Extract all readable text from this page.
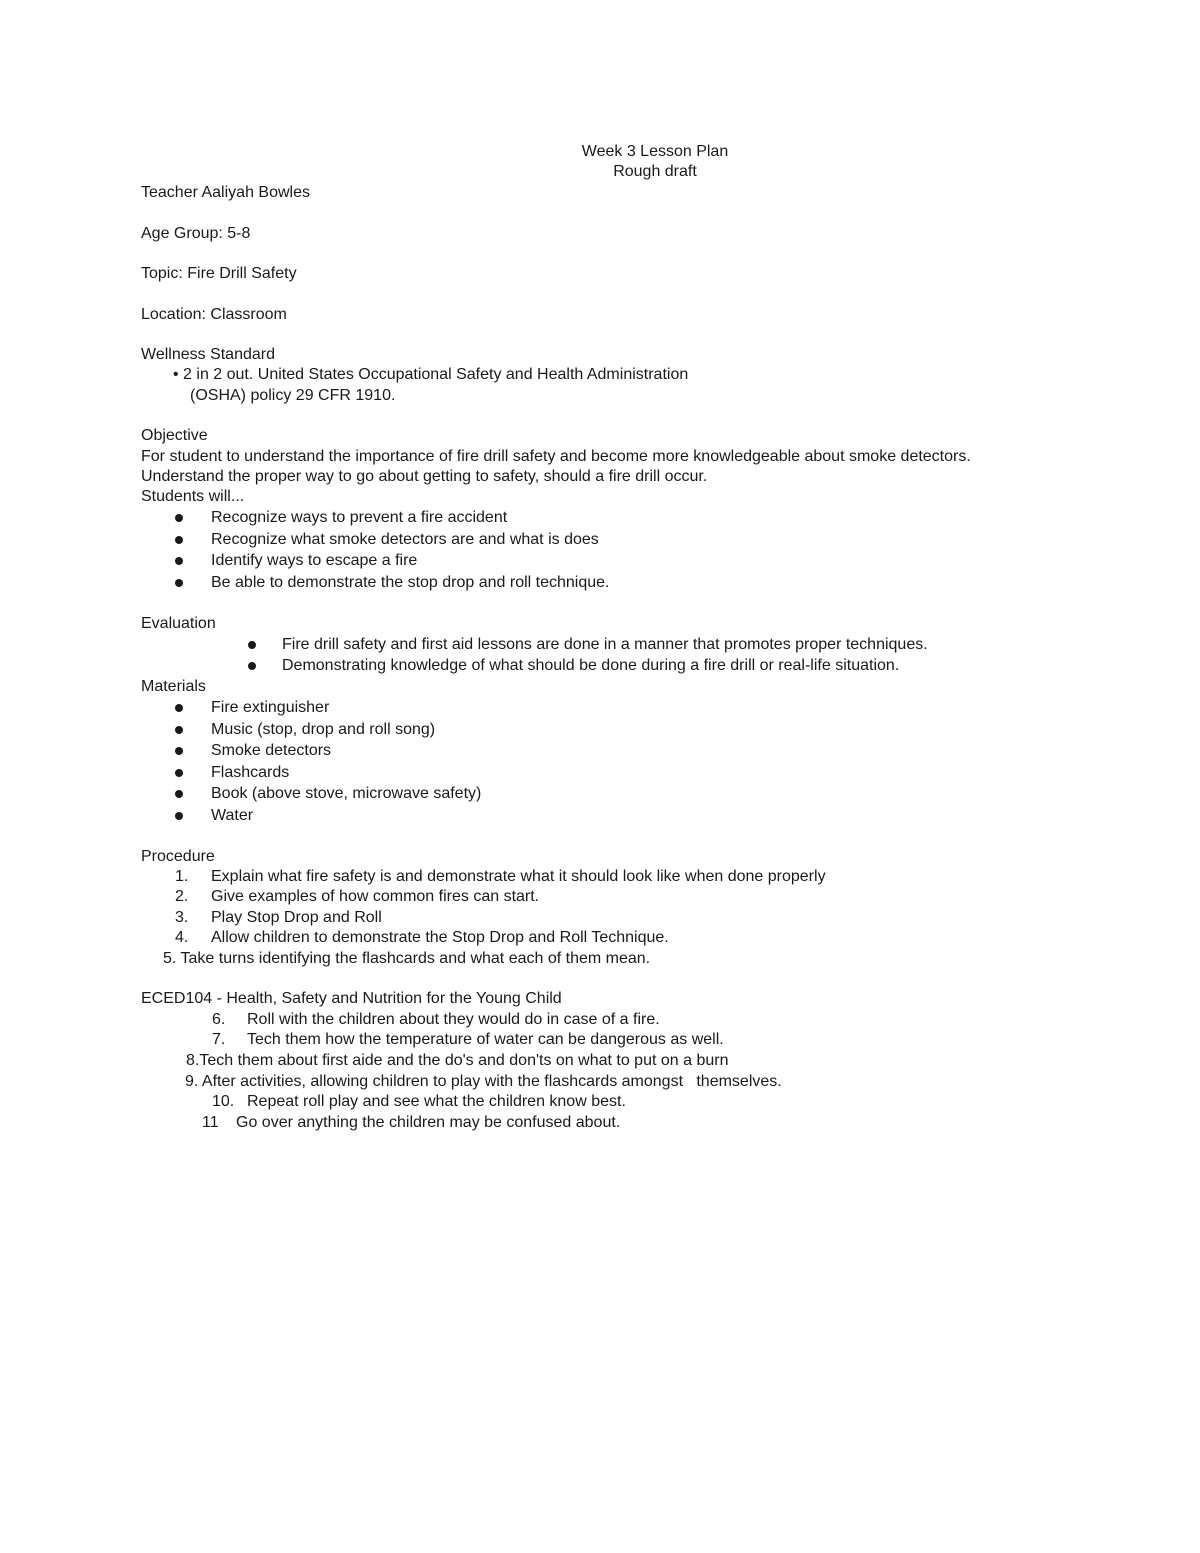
Week 3 Lesson Plan
Rough draft
Teacher Aaliyah Bowles
Age Group: 5-8
Topic: Fire Drill Safety
Location: Classroom
Wellness Standard
• 2 in 2 out. United States Occupational Safety and Health Administration
(OSHA) policy 29 CFR 1910.
Objective
For student to understand the importance of fire drill safety and become more knowledgeable about smoke detectors.
Understand the proper way to go about getting to safety, should a fire drill occur.
Students will...
Recognize ways to prevent a fire accident
Recognize what smoke detectors are and what is does
Identify ways to escape a fire
Be able to demonstrate the stop drop and roll technique.
Evaluation
Fire drill safety and first aid lessons are done in a manner that promotes proper techniques.
Demonstrating knowledge of what should be done during a fire drill or real-life situation.
Materials
Fire extinguisher
Music (stop, drop and roll song)
Smoke detectors
Flashcards
Book (above stove, microwave safety)
Water
Procedure
1. Explain what fire safety is and demonstrate what it should look like when done properly
2. Give examples of how common fires can start.
3. Play Stop Drop and Roll
4. Allow children to demonstrate the Stop Drop and Roll Technique.
5. Take turns identifying the flashcards and what each of them mean.
ECED104 - Health, Safety and Nutrition for the Young Child
6. Roll with the children about they would do in case of a fire.
7. Tech them how the temperature of water can be dangerous as well.
8.Tech them about first aide and the do's and don'ts on what to put on a burn
9. After activities, allowing children to play with the flashcards amongst   themselves.
10. Repeat roll play and see what the children know best.
11 Go over anything the children may be confused about.
